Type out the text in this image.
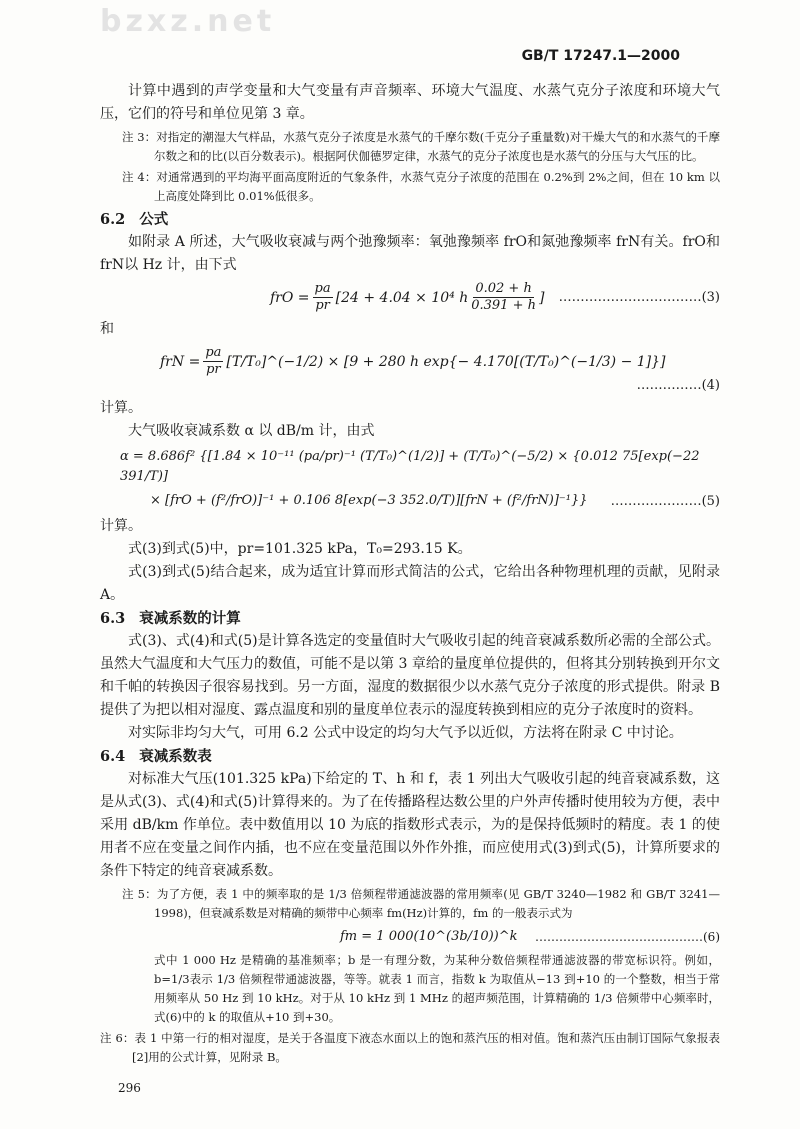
bzxz.net
GB/T 17247.1—2000

计算中遇到的声学变量和大气变量有声音频率、环境大气温度、水蒸气克分子浓度和环境大气压，它们的符号和单位见第 3 章。

注 3：对指定的潮湿大气样品，水蒸气克分子浓度是水蒸气的千摩尔数(千克分子重量数)对干燥大气的和水蒸气的千摩尔数之和的比(以百分数表示)。根据阿伏伽德罗定律，水蒸气的克分子浓度也是水蒸气的分压与大气压的比。
注 4：对通常遇到的平均海平面高度附近的气象条件，水蒸气克分子浓度的范围在 0.2%到 2%之间，但在 10 km 以上高度处降到比 0.01%低很多。
6.2 公式

如附录 A 所述，大气吸收衰减与两个弛豫频率：氧弛豫频率 frO和氮弛豫频率 frN有关。frO和 frN以 Hz 计，由下式

frO = $\frac{pa}{pr} [24 + 4.04 \times 10^4$ h $\frac{0.02 + h}{0.391 + h}$ ] ……………………………(3)

和

frN = $\frac{pa}{pr}$ [T/T₀]^(−1/2) × [9 + 280 h exp{− 4.170[(T/T₀)^(−1/3) − 1]}]
……………(4)

计算。

大气吸收衰减系数 α 以 dB/m 计，由式

α = 8.686f² {[1.84 × 10⁻¹¹ (pa/pr)⁻¹ (T/T₀)^(1/2)] + (T/T₀)^(−5/2) × {0.012 75[exp(−22 391/T)]
× [frO + (f²/frO)]⁻¹ + 0.106 8[exp(−3 352.0/T)][frN + (f²/frN)]⁻¹}} …………………(5)

计算。

式(3)到式(5)中，pr=101.325 kPa，T₀=293.15 K。

式(3)到式(5)结合起来，成为适宜计算而形式简洁的公式，它给出各种物理机理的贡献，见附录 A。

6.3 衰减系数的计算

式(3)、式(4)和式(5)是计算各选定的变量值时大气吸收引起的纯音衰减系数所必需的全部公式。虽然大气温度和大气压力的数值，可能不是以第 3 章给的量度单位提供的，但将其分别转换到开尔文和千帕的转换因子很容易找到。另一方面，湿度的数据很少以水蒸气克分子浓度的形式提供。附录 B 提供了为把以相对湿度、露点温度和别的量度单位表示的湿度转换到相应的克分子浓度时的资料。

对实际非均匀大气，可用 6.2 公式中设定的均匀大气予以近似，方法将在附录 C 中讨论。

6.4 衰减系数表

对标准大气压(101.325 kPa)下给定的 T、h 和 f，表 1 列出大气吸收引起的纯音衰减系数，这是从式(3)、式(4)和式(5)计算得来的。为了在传播路程达数公里的户外声传播时使用较为方便，表中采用 dB/km 作单位。表中数值用以 10 为底的指数形式表示，为的是保持低频时的精度。表 1 的使用者不应在变量之间作内插，也不应在变量范围以外作外推，而应使用式(3)到式(5)，计算所要求的条件下特定的纯音衰减系数。

注 5：为了方便，表 1 中的频率取的是 1/3 倍频程带通滤波器的常用频率(见 GB/T 3240—1982 和 GB/T 3241—1998)，但衰减系数是对精确的频带中心频率 fm(Hz)计算的，fm 的一般表示式为
fm = 1 000(10^(3b/10))^k ……………………………………(6)
式中 1 000 Hz 是精确的基准频率；b 是一有理分数，为某种分数倍频程带通滤波器的带宽标识符。例如，b=1/3表示 1/3 倍频程带通滤波器，等等。就表 1 而言，指数 k 为取值从−13 到+10 的一个整数，相当于常用频率从 50 Hz 到 10 kHz。对于从 10 kHz 到 1 MHz 的超声频范围，计算精确的 1/3 倍频带中心频率时，式(6)中的 k 的取值从+10 到+30。
注 6：表 1 中第一行的相对湿度，是关于各温度下液态水面以上的饱和蒸汽压的相对值。饱和蒸汽压由制订国际气象报表[2]用的公式计算，见附录 B。
296
